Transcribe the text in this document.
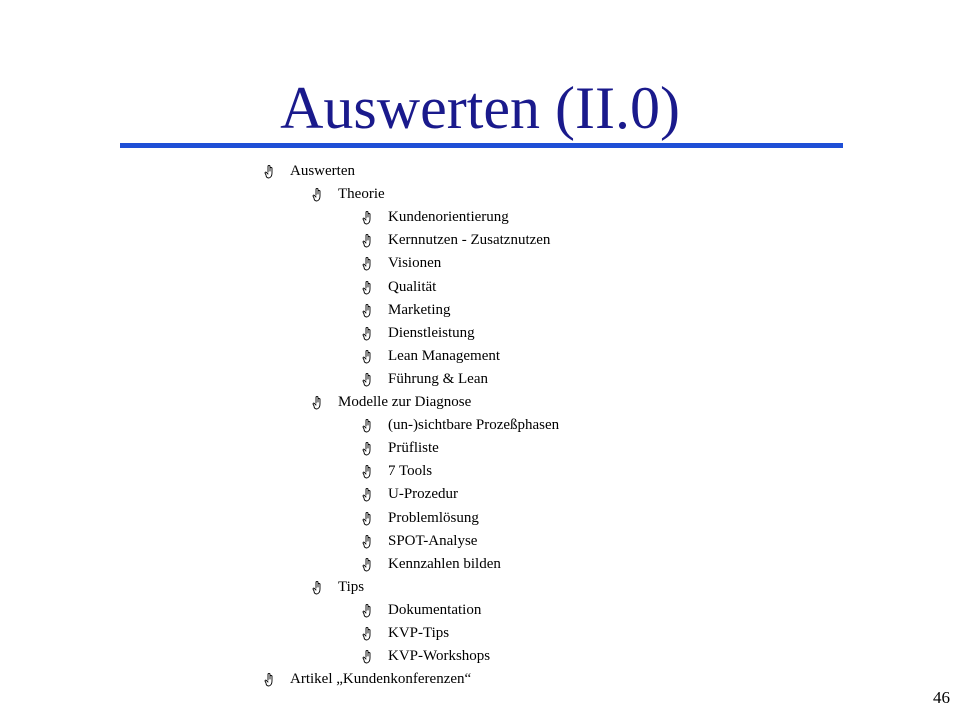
Auswerten (II.0)
Auswerten
Theorie
Kundenorientierung
Kernnutzen - Zusatznutzen
Visionen
Qualität
Marketing
Dienstleistung
Lean Management
Führung & Lean
Modelle zur Diagnose
(un-)sichtbare Prozeßphasen
Prüfliste
7 Tools
U-Prozedur
Problemlösung
SPOT-Analyse
Kennzahlen bilden
Tips
Dokumentation
KVP-Tips
KVP-Workshops
Artikel „Kundenkonferenzen“
46
